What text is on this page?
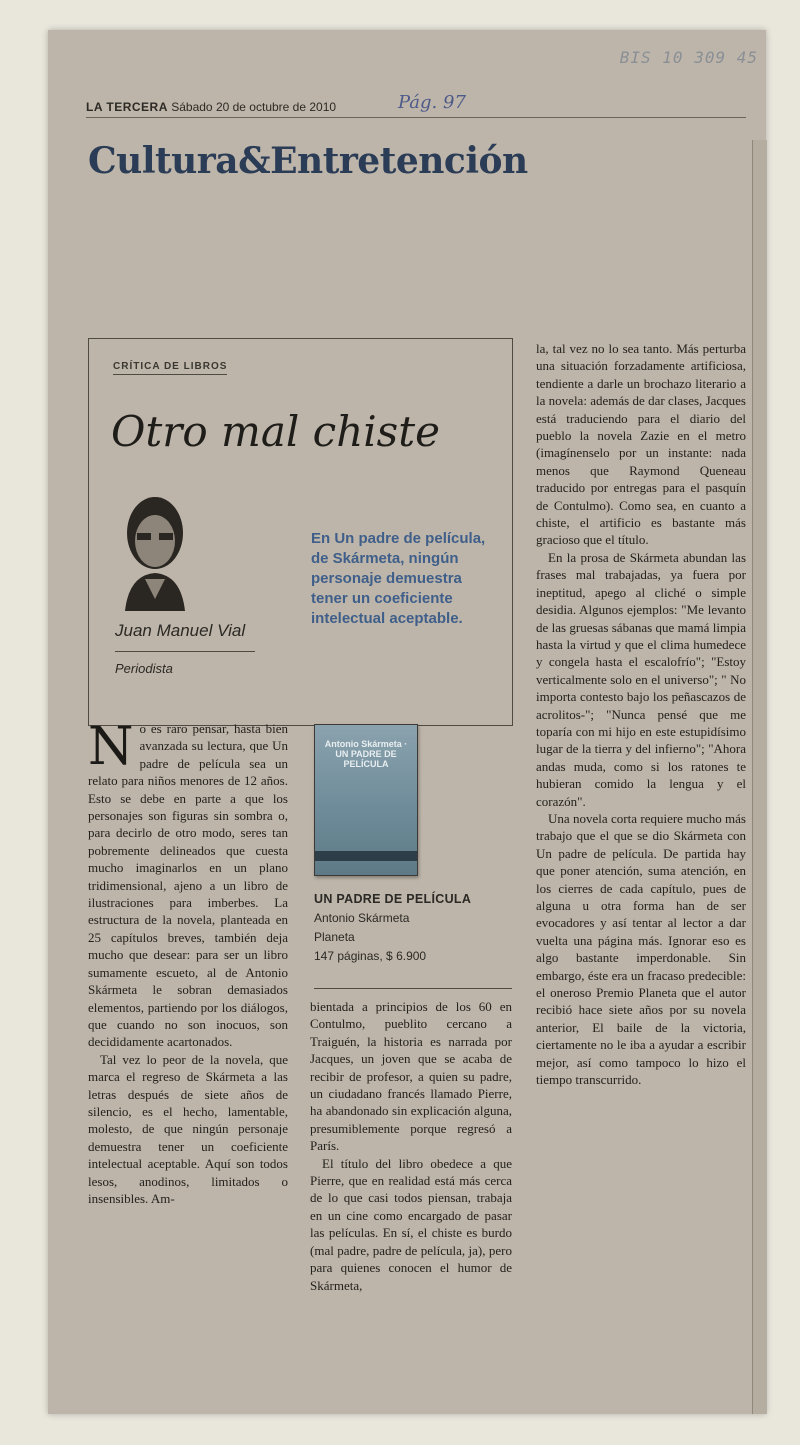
BIS 10 309 45
LA TERCERA Sábado 20 de octubre de 2010	Pág. 97
Cultura&Entretención
CRÍTICA DE LIBROS
Otro mal chiste
Juan Manuel Vial
Periodista
En Un padre de película, de Skármeta, ningún personaje demuestra tener un coeficiente intelectual aceptable.

No es raro pensar, hasta bien avanzada su lectura, que Un padre de película sea un relato para niños menores de 12 años. Esto se debe en parte a que los personajes son figuras sin sombra o, para decirlo de otro modo, seres tan pobremente delineados que cuesta mucho imaginarlos en un plano tridimensional, ajeno a un libro de ilustraciones para imberbes. La estructura de la novela, planteada en 25 capítulos breves, también deja mucho que desear: para ser un libro sumamente escueto, al de Antonio Skármeta le sobran demasiados elementos, partiendo por los diálogos, que cuando no son inocuos, son decididamente acartonados.

Tal vez lo peor de la novela, que marca el regreso de Skármeta a las letras después de siete años de silencio, es el hecho, lamentable, molesto, de que ningún personaje demuestra tener un coeficiente intelectual aceptable. Aquí son todos lesos, anodinos, limitados o insensibles. Am-

Antonio Skármeta · UN PADRE DE PELÍCULA
UN PADRE DE PELÍCULA
Antonio Skármeta
Planeta
147 páginas, $ 6.900

bientada a principios de los 60 en Contulmo, pueblito cercano a Traiguén, la historia es narrada por Jacques, un joven que se acaba de recibir de profesor, a quien su padre, un ciudadano francés llamado Pierre, ha abandonado sin explicación alguna, presumiblemente porque regresó a París.

El título del libro obedece a que Pierre, que en realidad está más cerca de lo que casi todos piensan, trabaja en un cine como encargado de pasar las películas. En sí, el chiste es burdo (mal padre, padre de película, ja), pero para quienes conocen el humor de Skármeta,

la, tal vez no lo sea tanto. Más perturba una situación forzadamente artificiosa, tendiente a darle un brochazo literario a la novela: además de dar clases, Jacques está traduciendo para el diario del pueblo la novela Zazie en el metro (imagínenselo por un instante: nada menos que Raymond Queneau traducido por entregas para el pasquín de Contulmo). Como sea, en cuanto a chiste, el artificio es bastante más gracioso que el título.

En la prosa de Skármeta abundan las frases mal trabajadas, ya fuera por ineptitud, apego al cliché o simple desidia. Algunos ejemplos: "Me levanto de las gruesas sábanas que mamá limpia hasta la virtud y que el clima humedece y congela hasta el escalofrío"; "Estoy verticalmente solo en el universo"; " No importa contesto bajo los peñascazos de acrolitos-"; "Nunca pensé que me toparía con mi hijo en este estupidísimo lugar de la tierra y del infierno"; "Ahora andas muda, como si los ratones te hubieran comido la lengua y el corazón".

Una novela corta requiere mucho más trabajo que el que se dio Skármeta con Un padre de película. De partida hay que poner atención, suma atención, en los cierres de cada capítulo, pues de alguna u otra forma han de ser evocadores y así tentar al lector a dar vuelta una página más. Ignorar eso es algo bastante imperdonable. Sin embargo, éste era un fracaso predecible: el oneroso Premio Planeta que el autor recibió hace siete años por su novela anterior, El baile de la victoria, ciertamente no le iba a ayudar a escribir mejor, así como tampoco lo hizo el tiempo transcurrido.
